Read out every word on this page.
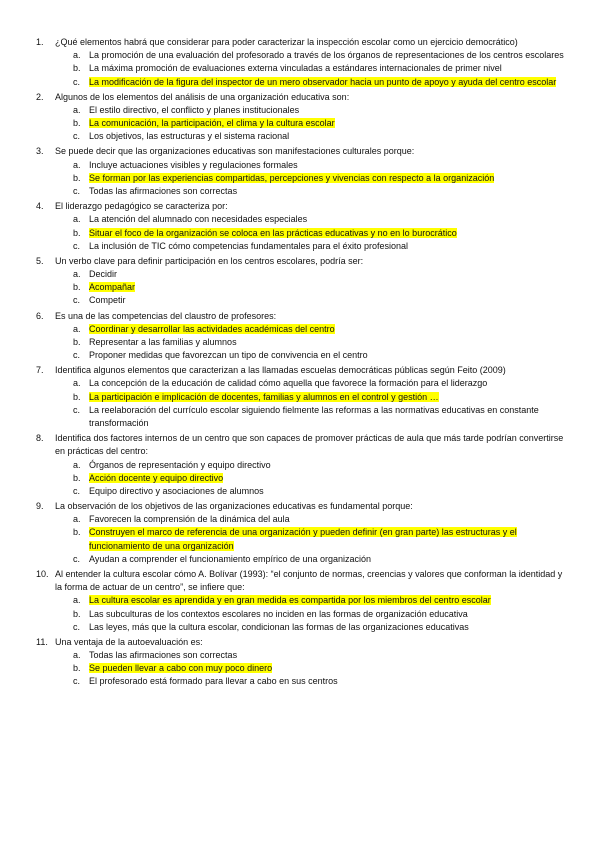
1. ¿Qué elementos habrá que considerar para poder caracterizar la inspección escolar como un ejercicio democrático)
a. La promoción de una evaluación del profesorado a través de los órganos de representaciones de los centros escolares
b. La máxima promoción de evaluaciones externa vinculadas a estándares internacionales de primer nivel
c. La modificación de la figura del inspector de un mero observador hacia un punto de apoyo y ayuda del centro escolar
2. Algunos de los elementos del análisis de una organización educativa son:
a. El estilo directivo, el conflicto y planes institucionales
b. La comunicación, la participación, el clima y la cultura escolar
c. Los objetivos, las estructuras y el sistema racional
3. Se puede decir que las organizaciones educativas son manifestaciones culturales porque:
a. Incluye actuaciones visibles y regulaciones formales
b. Se forman por las experiencias compartidas, percepciones y vivencias con respecto a la organización
c. Todas las afirmaciones son correctas
4. El liderazgo pedagógico se caracteriza por:
a. La atención del alumnado con necesidades especiales
b. Situar el foco de la organización se coloca en las prácticas educativas y no en lo burocrático
c. La inclusión de TIC cómo competencias fundamentales para el éxito profesional
5. Un verbo clave para definir participación en los centros escolares, podría ser:
a. Decidir
b. Acompañar
c. Competir
6. Es una de las competencias del claustro de profesores:
a. Coordinar y desarrollar las actividades académicas del centro
b. Representar a las familias y alumnos
c. Proponer medidas que favorezcan un tipo de convivencia en el centro
7. Identifica algunos elementos que caracterizan a las llamadas escuelas democráticas públicas según Feito (2009)
a. La concepción de la educación de calidad cómo aquella que favorece la formación para el liderazgo
b. La participación e implicación de docentes, familias y alumnos en el control y gestión …
c. La reelaboración del currículo escolar siguiendo fielmente las reformas a las normativas educativas en constante transformación
8. Identifica dos factores internos de un centro que son capaces de promover prácticas de aula que más tarde podrían convertirse en prácticas del centro:
a. Órganos de representación y equipo directivo
b. Acción docente y equipo directivo
c. Equipo directivo y asociaciones de alumnos
9. La observación de los objetivos de las organizaciones educativas es fundamental porque:
a. Favorecen la comprensión de la dinámica del aula
b. Construyen el marco de referencia de una organización y pueden definir (en gran parte) las estructuras y el funcionamiento de una organización
c. Ayudan a comprender el funcionamiento empírico de una organización
10. Al entender la cultura escolar cómo A. Bolívar (1993): “el conjunto de normas, creencias y valores que conforman la identidad y la forma de actuar de un centro”, se infiere que:
a. La cultura escolar es aprendida y en gran medida es compartida por los miembros del centro escolar
b. Las subculturas de los contextos escolares no inciden en las formas de organización educativa
c. Las leyes, más que la cultura escolar, condicionan las formas de las organizaciones educativas
11. Una ventaja de la autoevaluación es:
a. Todas las afirmaciones son correctas
b. Se pueden llevar a cabo con muy poco dinero
c. El profesorado está formado para llevar a cabo en sus centros
